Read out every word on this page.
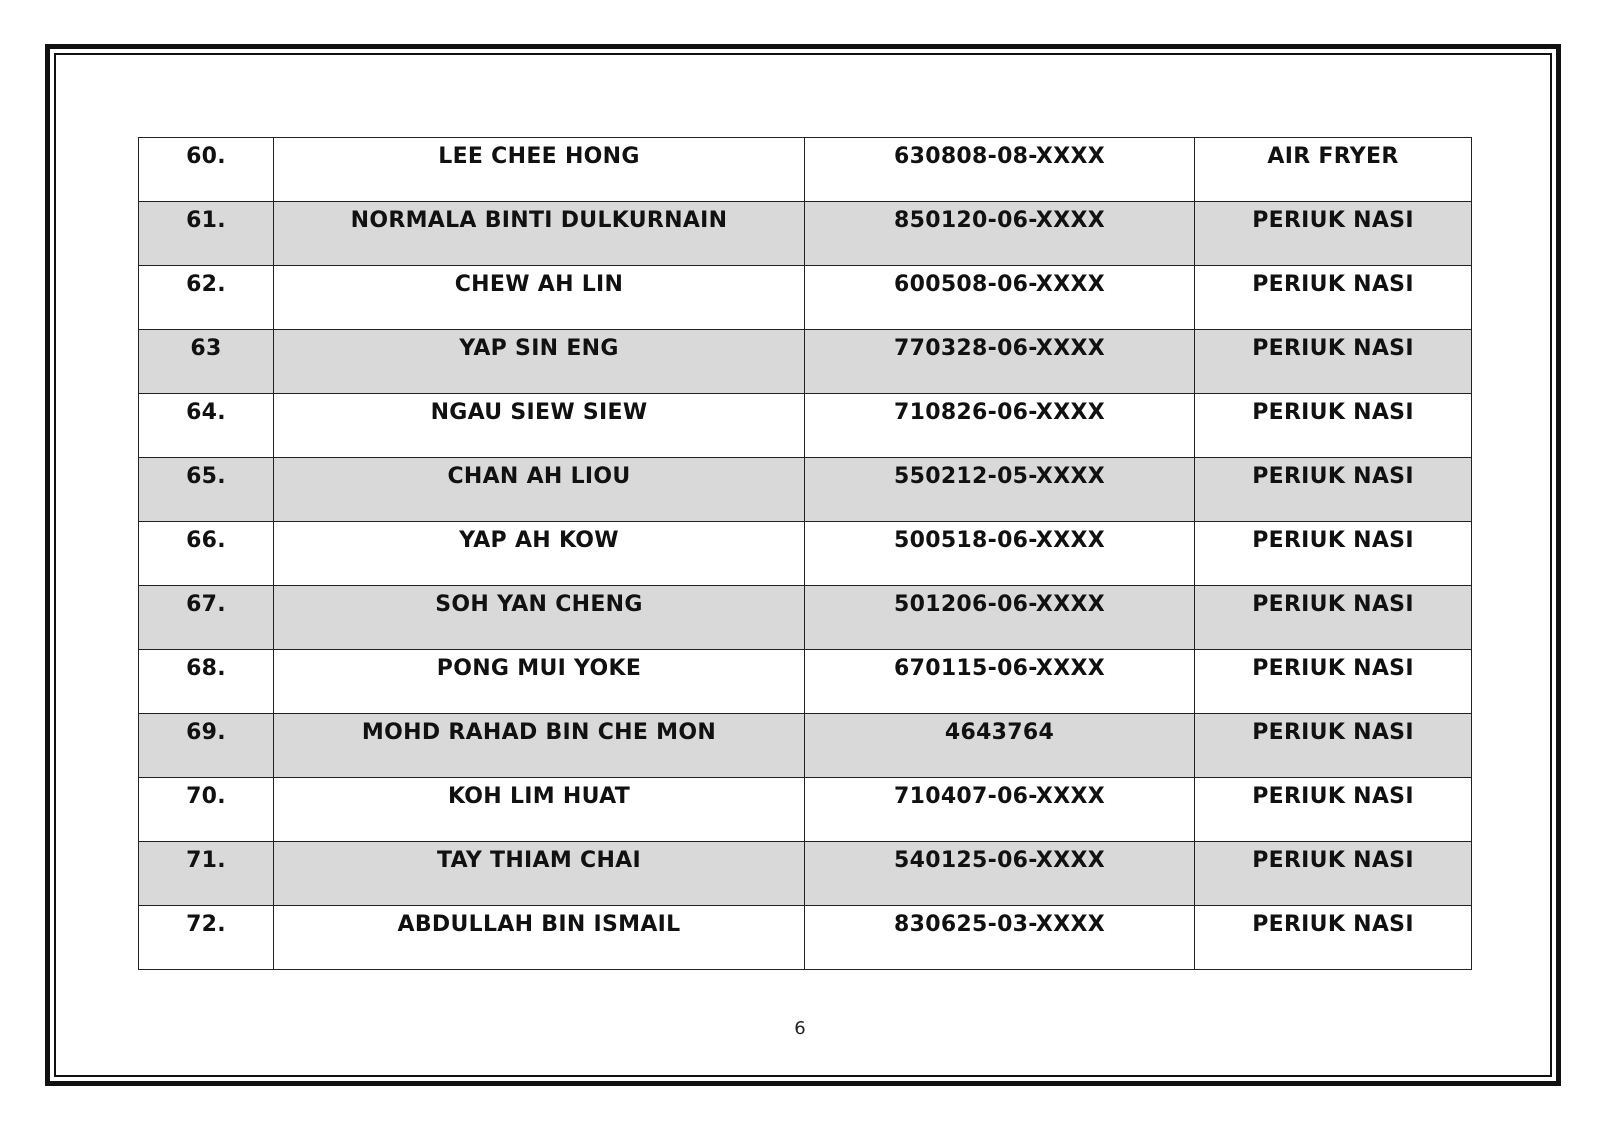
60.	LEE CHEE HONG	630808-08-XXXX	AIR FRYER
61.	NORMALA BINTI DULKURNAIN	850120-06-XXXX	PERIUK NASI
62.	CHEW AH LIN	600508-06-XXXX	PERIUK NASI
63	YAP SIN ENG	770328-06-XXXX	PERIUK NASI
64.	NGAU SIEW SIEW	710826-06-XXXX	PERIUK NASI
65.	CHAN AH LIOU	550212-05-XXXX	PERIUK NASI
66.	YAP AH KOW	500518-06-XXXX	PERIUK NASI
67.	SOH YAN CHENG	501206-06-XXXX	PERIUK NASI
68.	PONG MUI YOKE	670115-06-XXXX	PERIUK NASI
69.	MOHD RAHAD BIN CHE MON	4643764	PERIUK NASI
70.	KOH LIM HUAT	710407-06-XXXX	PERIUK NASI
71.	TAY THIAM CHAI	540125-06-XXXX	PERIUK NASI
72.	ABDULLAH BIN ISMAIL	830625-03-XXXX	PERIUK NASI
6
